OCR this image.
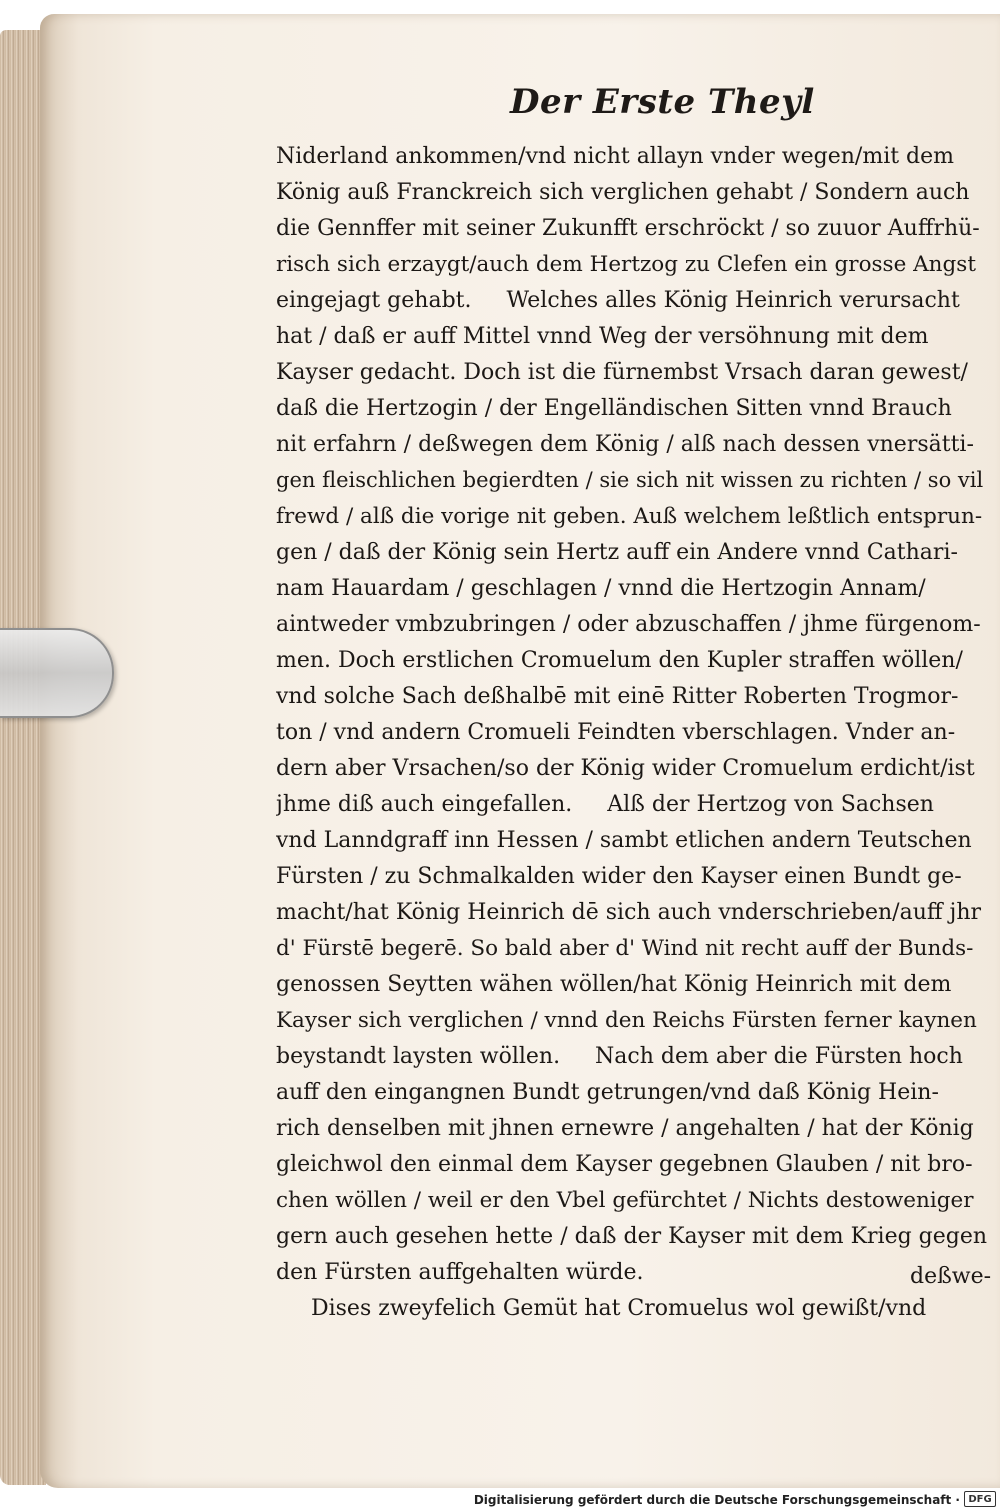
Der Erste Theyl
Niderland ankommen/vnd nicht allayn vnder wegen/mit dem
König auß Franckreich sich verglichen gehabt / Sondern auch
die Gennffer mit seiner Zukunfft erschröckt / so zuuor Auffrhü-
risch sich erzaygt/auch dem Hertzog zu Clefen ein grosse Angst
eingejagt gehabt.     Welches alles König Heinrich verursacht
hat / daß er auff Mittel vnnd Weg der versöhnung mit dem
Kayser gedacht. Doch ist die fürnembst Vrsach daran gewest/
daß die Hertzogin / der Engelländischen Sitten vnnd Brauch
nit erfahrn / deßwegen dem König / alß nach dessen vnersätti-
gen fleischlichen begierdten / sie sich nit wissen zu richten / so vil
frewd / alß die vorige nit geben. Auß welchem leßtlich entsprun-
gen / daß der König sein Hertz auff ein Andere vnnd Cathari-
nam Hauardam / geschlagen / vnnd die Hertzogin Annam/
aintweder vmbzubringen / oder abzuschaffen / jhme fürgenom-
men. Doch erstlichen Cromuelum den Kupler straffen wöllen/
vnd solche Sach deßhalbē mit einē Ritter Roberten Trogmor-
ton / vnd andern Cromueli Feindten vberschlagen. Vnder an-
dern aber Vrsachen/so der König wider Cromuelum erdicht/ist
jhme diß auch eingefallen.     Alß der Hertzog von Sachsen
vnd Lanndgraff inn Hessen / sambt etlichen andern Teutschen
Fürsten / zu Schmalkalden wider den Kayser einen Bundt ge-
macht/hat König Heinrich dē sich auch vnderschrieben/auff jhr
d' Fürstē begerē. So bald aber d' Wind nit recht auff der Bunds-
genossen Seytten wähen wöllen/hat König Heinrich mit dem
Kayser sich verglichen / vnnd den Reichs Fürsten ferner kaynen
beystandt laysten wöllen.     Nach dem aber die Fürsten hoch
auff den eingangnen Bundt getrungen/vnd daß König Hein-
rich denselben mit jhnen ernewre / angehalten / hat der König
gleichwol den einmal dem Kayser gegebnen Glauben / nit bro-
chen wöllen / weil er den Vbel gefürchtet / Nichts destoweniger
gern auch gesehen hette / daß der Kayser mit dem Krieg gegen
den Fürsten auffgehalten würde.
Dises zweyfelich Gemüt hat Cromuelus wol gewißt/vnd
deßwe-
Digitalisierung gefördert durch die Deutsche Forschungsgemeinschaft · DFG
